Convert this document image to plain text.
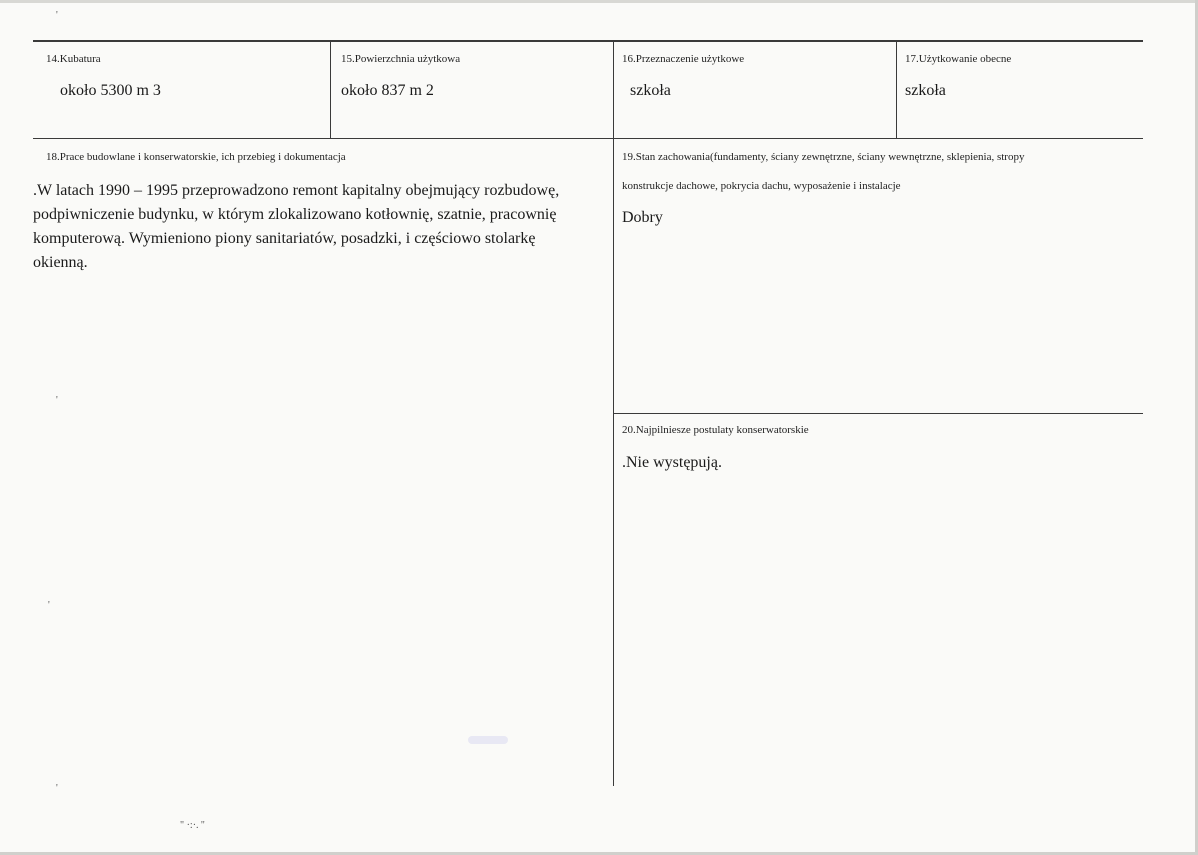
14.Kubatura
około 5300 m 3
15.Powierzchnia użytkowa
około 837 m 2
16.Przeznaczenie użytkowe
szkoła
17.Użytkowanie obecne
szkoła
18.Prace budowlane i konserwatorskie, ich przebieg i dokumentacja
.W latach 1990 – 1995 przeprowadzono remont kapitalny obejmujący rozbudowę,
podpiwniczenie budynku, w którym zlokalizowano kotłownię, szatnie, pracownię
komputerową. Wymieniono piony sanitariatów, posadzki, i częściowo stolarkę
okienną.
19.Stan zachowania(fundamenty, ściany zewnętrzne, ściany wewnętrzne, sklepienia, stropy
konstrukcje dachowe, pokrycia dachu, wyposażenie i instalacje
Dobry
20.Najpilniesze postulaty konserwatorskie
.Nie występują.
'
'
'
'
" ·:·. ''
